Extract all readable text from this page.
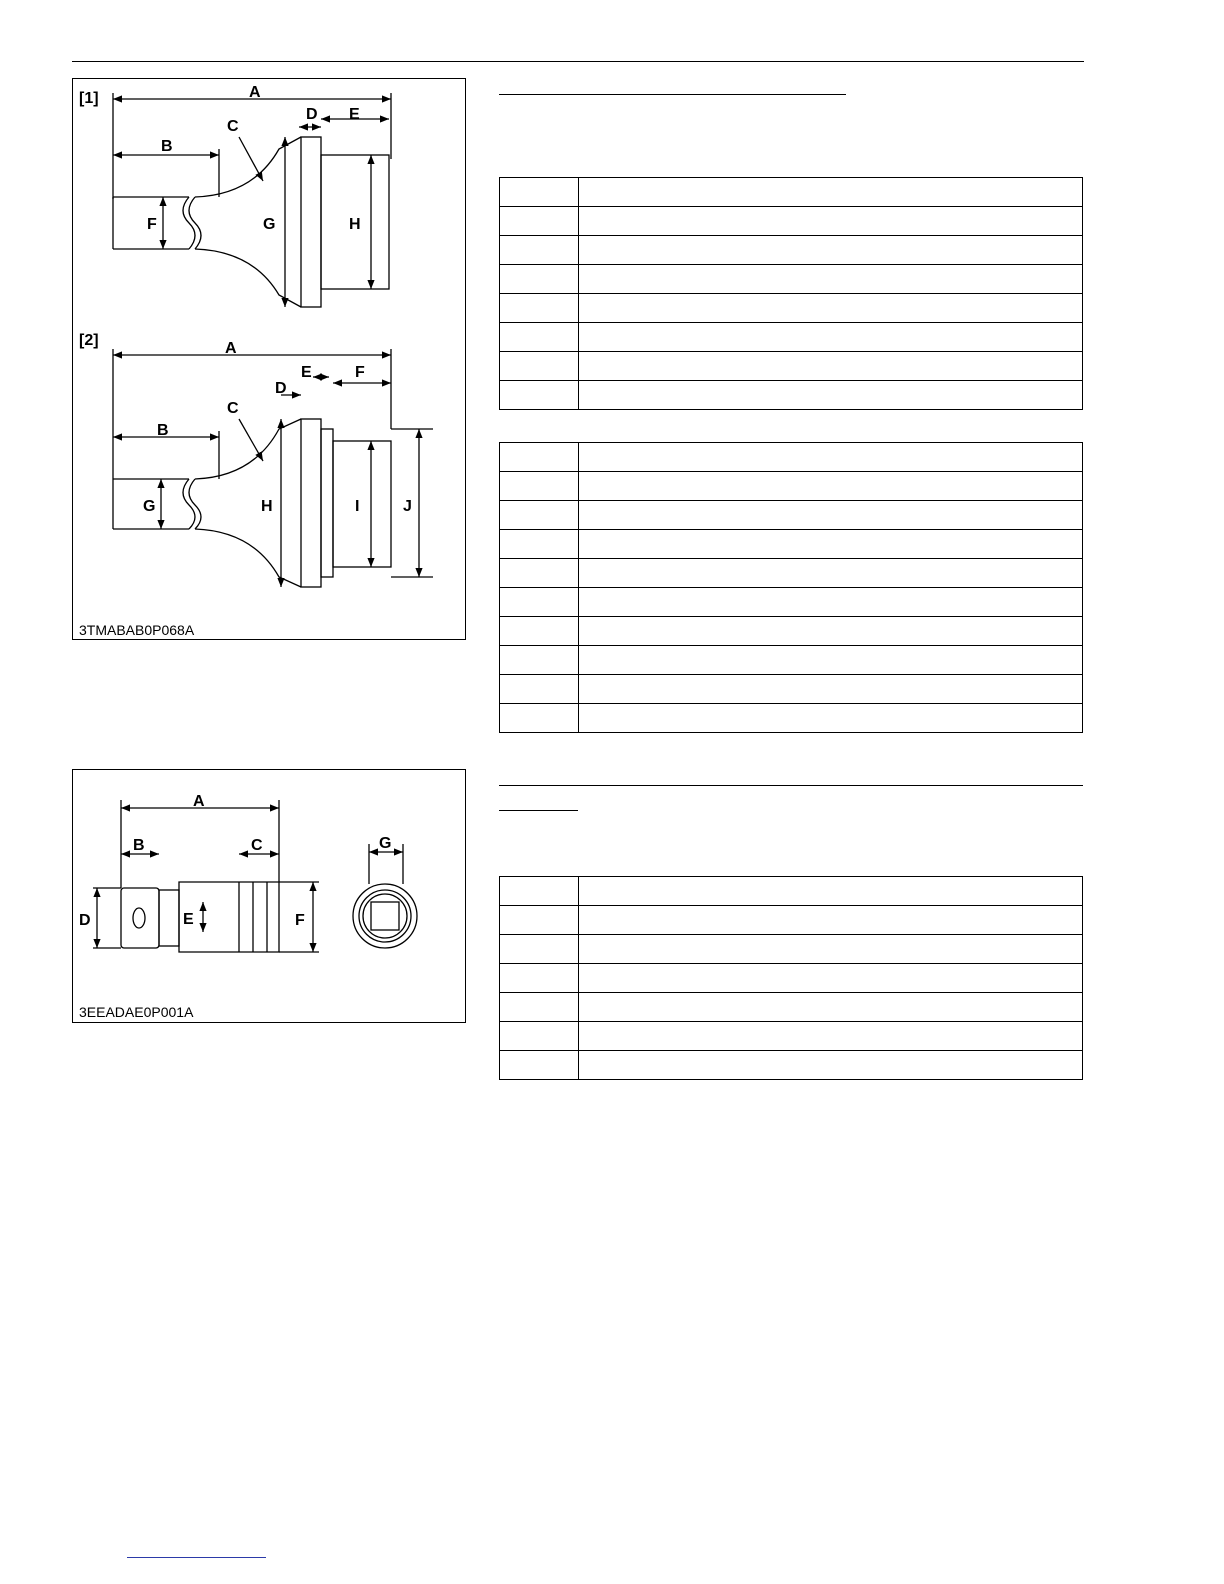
[1]	A
B
C
D E
F	G	H
[2]	A
B
C
D
E	F
G	H	I	J
3TMABAB0P068A
A
B	C
D	E	F
G
3EEADAE0P001A
